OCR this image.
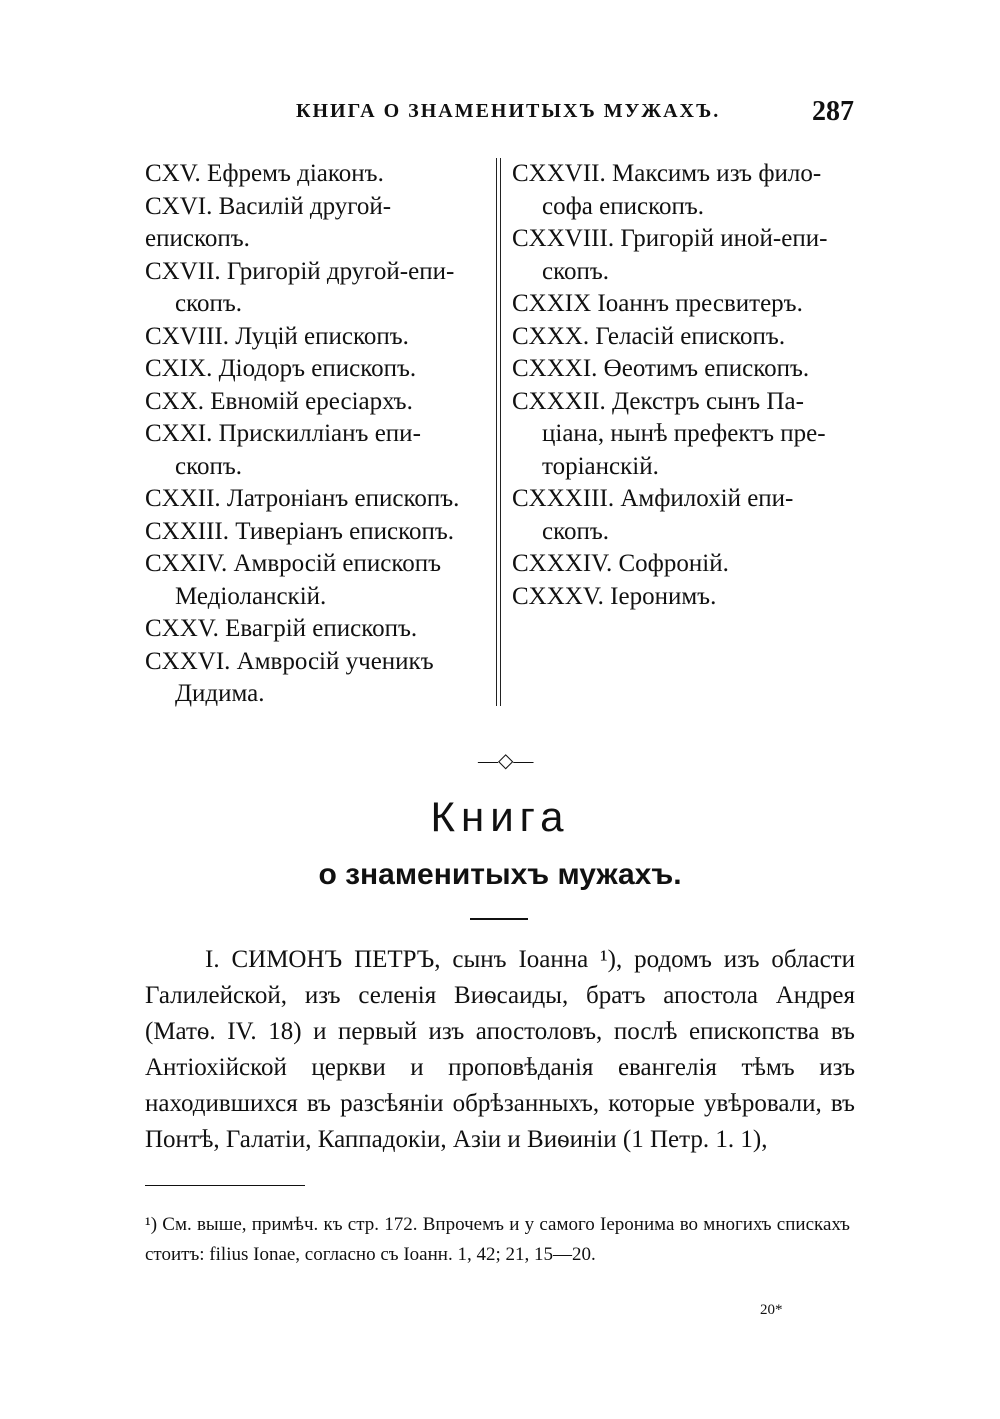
КНИГА О ЗНАМЕНИТЫХЪ МУЖАХЪ.	287
CXV. Ефремъ діаконъ.
CXVI. Василій другой-епископъ.
CXVII. Григорій другой-епи-
скопъ.
CXVIII. Луцій епископъ.
CXIX. Діодоръ епископъ.
CXX. Евномій ересіархъ.
CXXI. Прискилліанъ епи-
скопъ.
CXXII. Латроніанъ епископъ.
CXXIII. Тиверіанъ епископъ.
CXXIV. Амвросій епископъ
Медіоланскій.
CXXV. Евагрій епископъ.
CXXVI. Амвросій ученикъ
Дидима.
CXXVII. Максимъ изъ фило-
софа епископъ.
CXXVIII. Григорій иной-епи-
скопъ.
CXXIX Іоаннъ пресвитеръ.
CXXX. Геласій епископъ.
CXXXI. Өеотимъ епископъ.
CXXXII. Декстръ сынъ Па-
ціана, нынѣ префектъ пре-
торіанскій.
CXXXIII. Амфилохій епи-
скопъ.
CXXXIV. Софроній.
CXXXV. Іеронимъ.
—◇—
Книга
о знаменитыхъ мужахъ.

I. СИМОНЪ ПЕТРЪ, сынъ Іоанна ¹), родомъ изъ области Галилейской, изъ селенія Виѳсаиды, братъ апостола Андрея (Матѳ. IV. 18) и первый изъ апостоловъ, послѣ епископства въ Антіохійской церкви и проповѣданія евангелія тѣмъ изъ находившихся въ разсѣяніи обрѣзанныхъ, которые увѣровали, въ Понтѣ, Галатіи, Каппадокіи, Азіи и Виѳиніи (1 Петр. 1. 1),

¹) См. выше, примѣч. къ стр. 172. Впрочемъ и у самого Іеронима во многихъ спискахъ стоитъ: filius Ionae, согласно съ Іоанн. 1, 42; 21, 15—20.
20*
